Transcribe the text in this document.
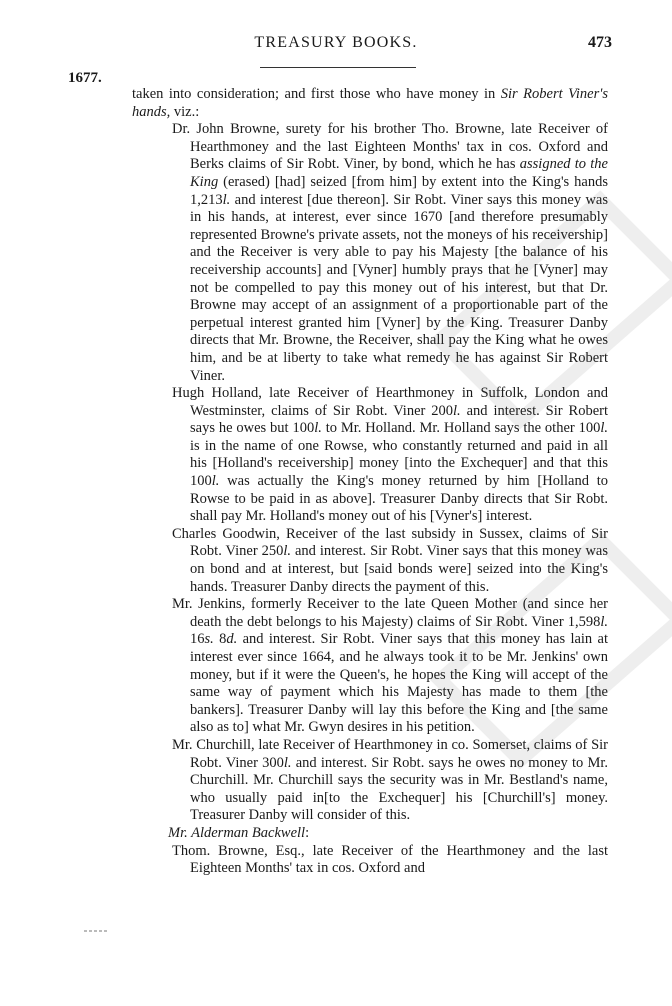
TREASURY BOOKS.	473
1677.

taken into consideration; and first those who have money in Sir Robert Viner's hands, viz.:

Dr. John Browne, surety for his brother Tho. Browne, late Receiver of Hearthmoney and the last Eighteen Months' tax in cos. Oxford and Berks claims of Sir Robt. Viner, by bond, which he has assigned to the King (erased) [had] seized [from him] by extent into the King's hands 1,213l. and interest [due thereon]. Sir Robt. Viner says this money was in his hands, at interest, ever since 1670 [and therefore presumably represented Browne's private assets, not the moneys of his receivership] and the Receiver is very able to pay his Majesty [the balance of his receivership accounts] and [Vyner] humbly prays that he [Vyner] may not be compelled to pay this money out of his interest, but that Dr. Browne may accept of an assignment of a proportionable part of the perpetual interest granted him [Vyner] by the King. Treasurer Danby directs that Mr. Browne, the Receiver, shall pay the King what he owes him, and be at liberty to take what remedy he has against Sir Robert Viner.

Hugh Holland, late Receiver of Hearthmoney in Suffolk, London and Westminster, claims of Sir Robt. Viner 200l. and interest. Sir Robert says he owes but 100l. to Mr. Holland. Mr. Holland says the other 100l. is in the name of one Rowse, who constantly returned and paid in all his [Holland's receivership] money [into the Exchequer] and that this 100l. was actually the King's money returned by him [Holland to Rowse to be paid in as above]. Treasurer Danby directs that Sir Robt. shall pay Mr. Holland's money out of his [Vyner's] interest.

Charles Goodwin, Receiver of the last subsidy in Sussex, claims of Sir Robt. Viner 250l. and interest. Sir Robt. Viner says that this money was on bond and at interest, but [said bonds were] seized into the King's hands. Treasurer Danby directs the payment of this.

Mr. Jenkins, formerly Receiver to the late Queen Mother (and since her death the debt belongs to his Majesty) claims of Sir Robt. Viner 1,598l. 16s. 8d. and interest. Sir Robt. Viner says that this money has lain at interest ever since 1664, and he always took it to be Mr. Jenkins' own money, but if it were the Queen's, he hopes the King will accept of the same way of payment which his Majesty has made to them [the bankers]. Treasurer Danby will lay this before the King and [the same also as to] what Mr. Gwyn desires in his petition.

Mr. Churchill, late Receiver of Hearthmoney in co. Somerset, claims of Sir Robt. Viner 300l. and interest. Sir Robt. says he owes no money to Mr. Churchill. Mr. Churchill says the security was in Mr. Bestland's name, who usually paid in[to the Exchequer] his [Churchill's] money. Treasurer Danby will consider of this.

Mr. Alderman Backwell:

Thom. Browne, Esq., late Receiver of the Hearthmoney and the last Eighteen Months' tax in cos. Oxford and
